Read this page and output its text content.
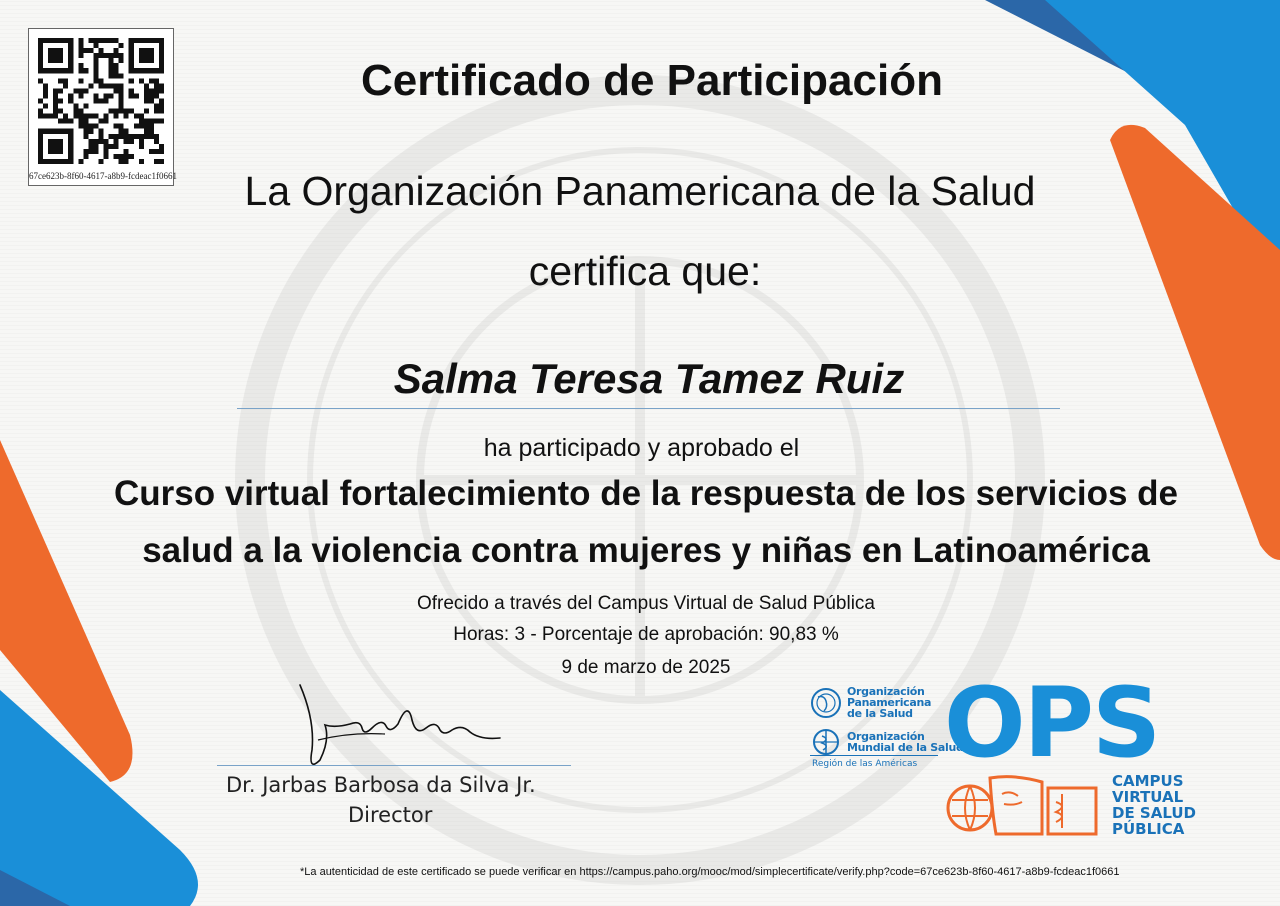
67ce623b-8f60-4617-a8b9-fcdeac1f0661
Certificado de Participación
La Organización Panamericana de la Salud
certifica que:
Salma Teresa Tamez Ruiz
ha participado y aprobado el
Curso virtual fortalecimiento de la respuesta de los servicios de
salud a la violencia contra mujeres y niñas en Latinoamérica
Ofrecido a través del Campus Virtual de Salud Pública
Horas: 3 - Porcentaje de aprobación: 90,83 %
9 de marzo de 2025
Dr. Jarbas Barbosa da Silva Jr.
Director
Organización
Panamericana
de la Salud
Organización
Mundial de la Salud
Región de las Américas OPS
CAMPUS
VIRTUAL
DE SALUD
PÚBLICA
*La autenticidad de este certificado se puede verificar en https://campus.paho.org/mooc/mod/simplecertificate/verify.php?code=67ce623b-8f60-4617-a8b9-fcdeac1f0661
